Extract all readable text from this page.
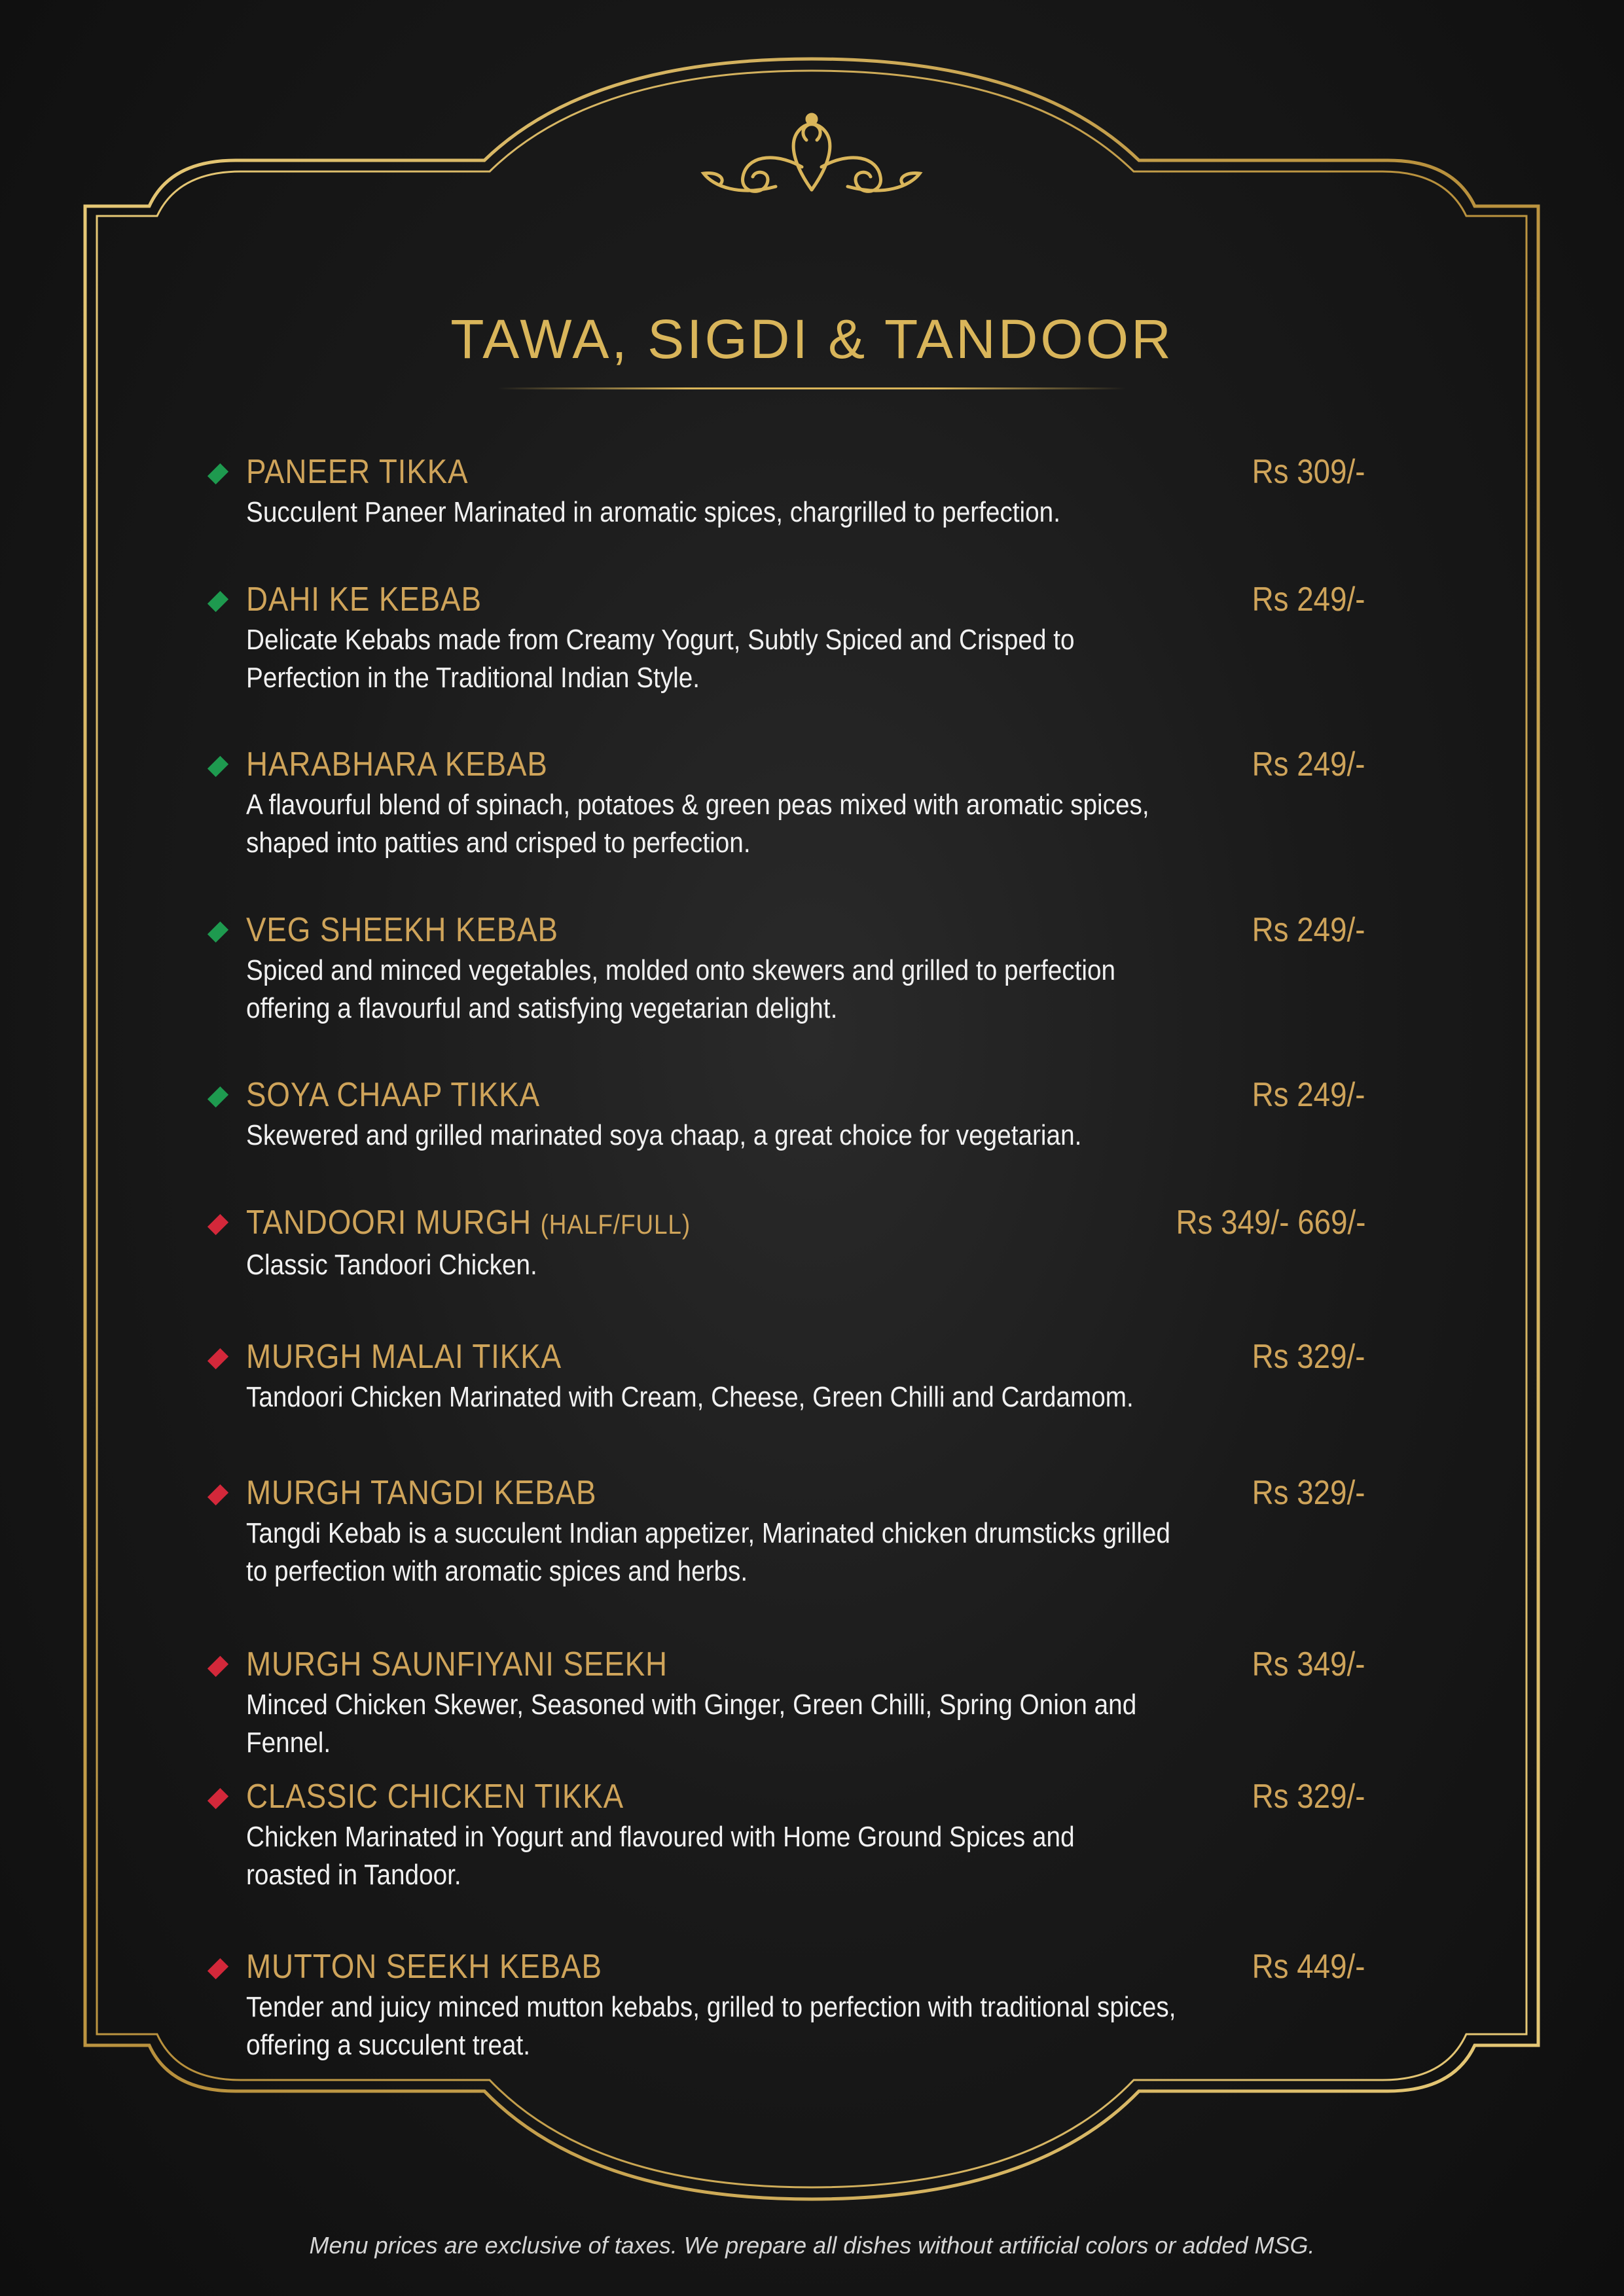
TAWA, SIGDI & TANDOOR
PANEER TIKKA	Rs 309/-
Succulent Paneer Marinated in aromatic spices, chargrilled to perfection.
DAHI KE KEBAB	Rs 249/-
Delicate Kebabs made from Creamy Yogurt, Subtly Spiced and Crisped to
Perfection in the Traditional Indian Style.
HARABHARA KEBAB	Rs 249/-
A flavourful blend of spinach, potatoes & green peas mixed with aromatic spices,
shaped into patties and crisped to perfection.
VEG SHEEKH KEBAB	Rs 249/-
Spiced and minced vegetables, molded onto skewers and grilled to perfection
offering a flavourful and satisfying vegetarian delight.
SOYA CHAAP TIKKA	Rs 249/-
Skewered and grilled marinated soya chaap, a great choice for vegetarian.
TANDOORI MURGH (HALF/FULL)	Rs 349/- 669/-
Classic Tandoori Chicken.
MURGH MALAI TIKKA	Rs 329/-
Tandoori Chicken Marinated with Cream, Cheese, Green Chilli and Cardamom.
MURGH TANGDI KEBAB	Rs 329/-
Tangdi Kebab is a succulent Indian appetizer, Marinated chicken drumsticks grilled
to perfection with aromatic spices and herbs.
MURGH SAUNFIYANI SEEKH	Rs 349/-
Minced Chicken Skewer, Seasoned with Ginger, Green Chilli, Spring Onion and Fennel.
CLASSIC CHICKEN TIKKA	Rs 329/-
Chicken Marinated in Yogurt and flavoured with Home Ground Spices and
roasted in Tandoor.
MUTTON SEEKH KEBAB	Rs 449/-
Tender and juicy minced mutton kebabs, grilled to perfection with traditional spices,
offering a succulent treat.
Menu prices are exclusive of taxes. We prepare all dishes without artificial colors or added MSG.
